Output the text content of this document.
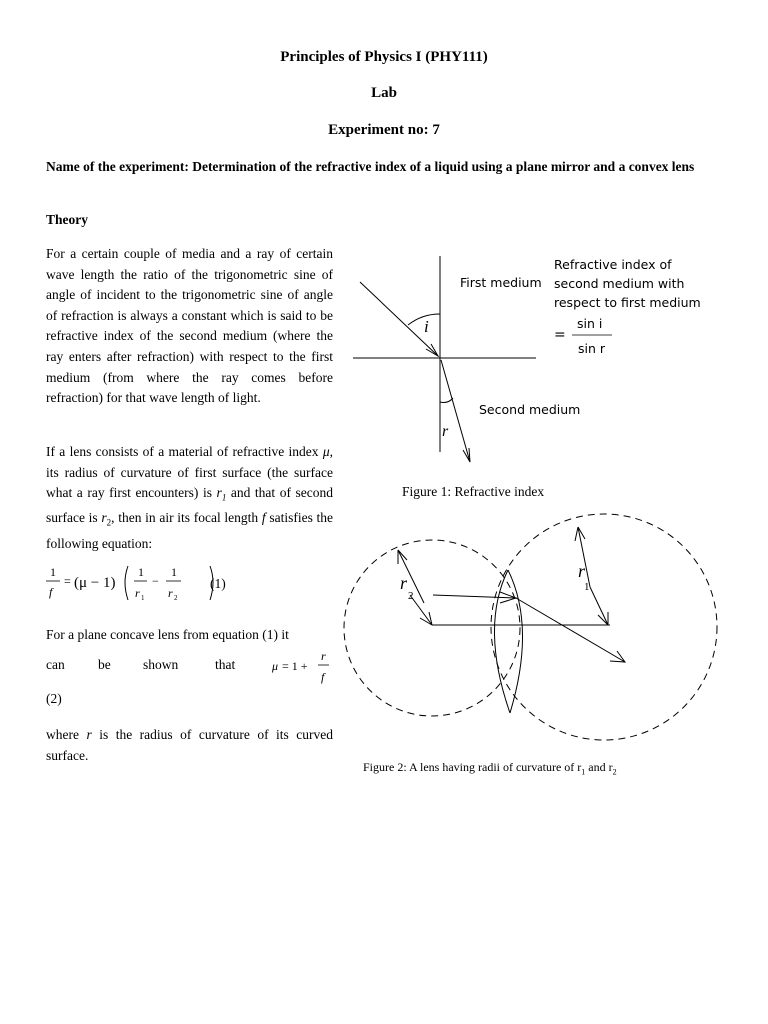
Principles of Physics I (PHY111)
Lab
Experiment no: 7
Name of the experiment: Determination of the refractive index of a liquid using a plane mirror and a convex lens
Theory
For a certain couple of media and a ray of certain wave length the ratio of the trigonometric sine of angle of incident to the trigonometric sine of angle of refraction is always a constant which is said to be refractive index of the second medium (where the ray enters after refraction) with respect to the first medium (from where the ray comes before refraction) for that wave length of light.
If a lens consists of a material of refractive index μ, its radius of curvature of first surface (the surface what a ray first encounters) is $r_1$ and that of second surface is $r_2$, then in air its focal length f satisfies the following equation:
1
f
= (μ − 1)
1
r 1
−
1
r 2
(1)
For a plane concave lens from equation (1) it
can be shown	that	μ = 1 +
r
f
(2)
where r is the radius of curvature of its curved surface.
First medium
Second medium
i
r
Refractive index of
second medium with
respect to first medium
=
sin i
sin r
Figure 1: Refractive index
r
2
r
1
Figure 2: A lens having radii of curvature of $r_1$ and $r_2$
